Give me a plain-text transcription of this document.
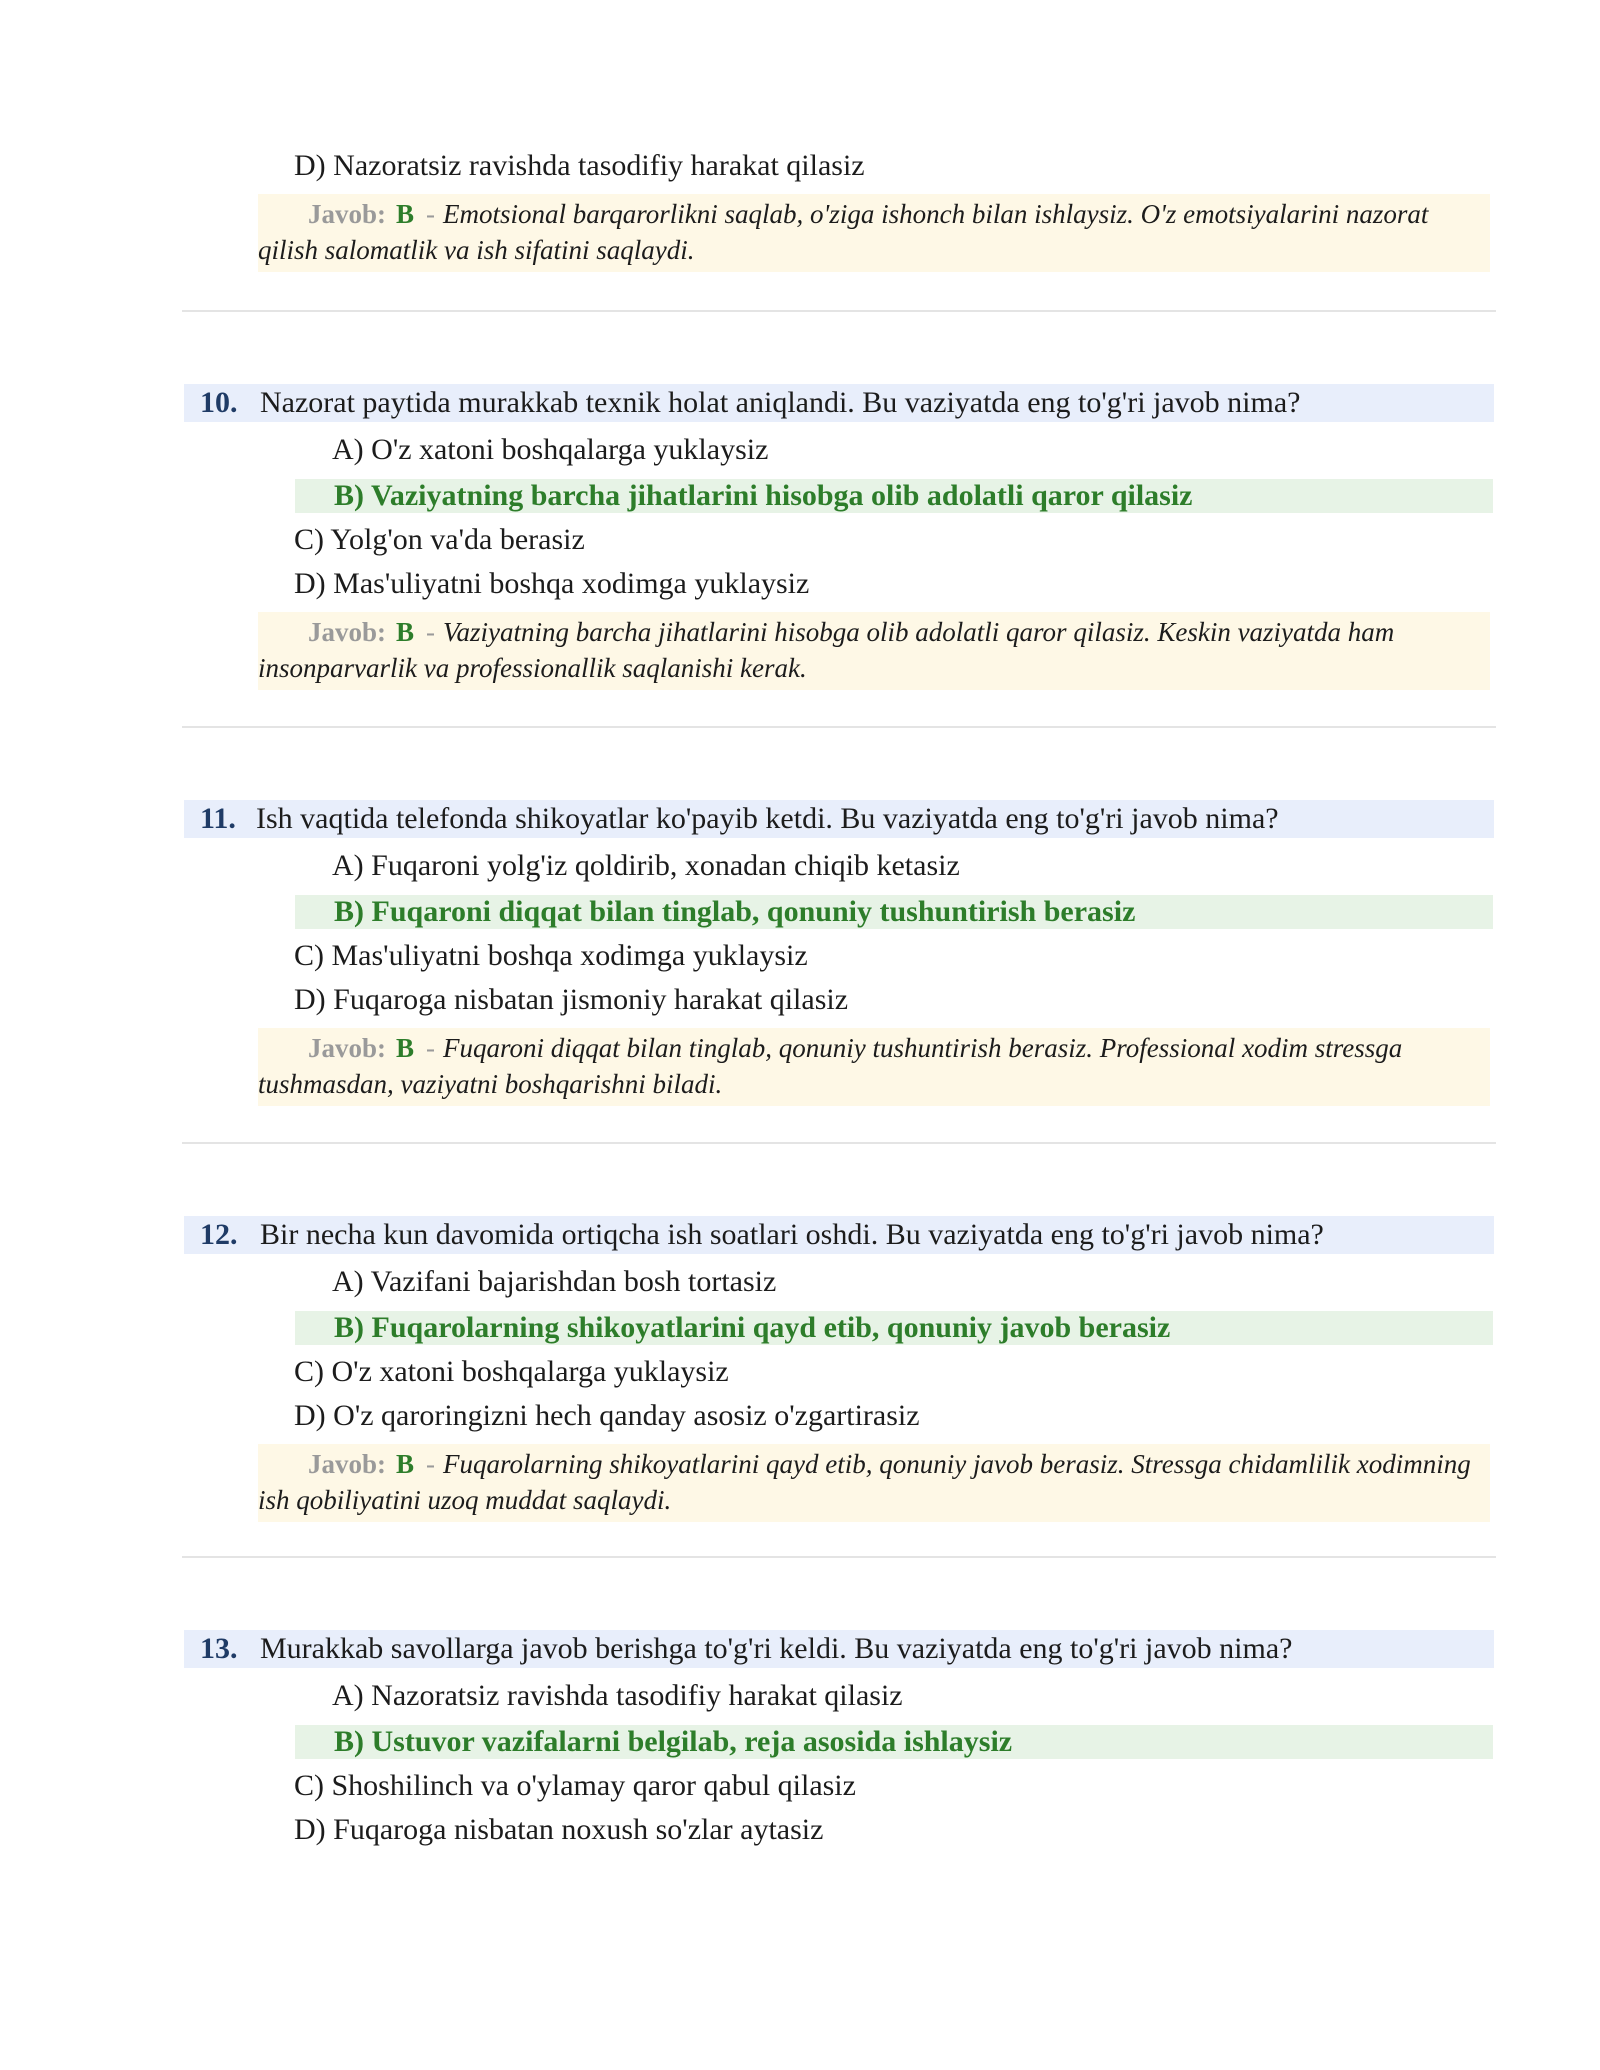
D) Nazoratsiz ravishda tasodifiy harakat qilasiz
Javob: B - Emotsional barqarorlikni saqlab, o'ziga ishonch bilan ishlaysiz. O'z emotsiyalarini nazorat qilish salomatlik va ish sifatini saqlaydi.
10. Nazorat paytida murakkab texnik holat aniqlandi. Bu vaziyatda eng to'g'ri javob nima?
A) O'z xatoni boshqalarga yuklaysiz
B) Vaziyatning barcha jihatlarini hisobga olib adolatli qaror qilasiz
C) Yolg'on va'da berasiz
D) Mas'uliyatni boshqa xodimga yuklaysiz
Javob: B - Vaziyatning barcha jihatlarini hisobga olib adolatli qaror qilasiz. Keskin vaziyatda ham insonparvarlik va professionallik saqlanishi kerak.
11. Ish vaqtida telefonda shikoyatlar ko'payib ketdi. Bu vaziyatda eng to'g'ri javob nima?
A) Fuqaroni yolg'iz qoldirib, xonadan chiqib ketasiz
B) Fuqaroni diqqat bilan tinglab, qonuniy tushuntirish berasiz
C) Mas'uliyatni boshqa xodimga yuklaysiz
D) Fuqaroga nisbatan jismoniy harakat qilasiz
Javob: B - Fuqaroni diqqat bilan tinglab, qonuniy tushuntirish berasiz. Professional xodim stressga tushmasdan, vaziyatni boshqarishni biladi.
12. Bir necha kun davomida ortiqcha ish soatlari oshdi. Bu vaziyatda eng to'g'ri javob nima?
A) Vazifani bajarishdan bosh tortasiz
B) Fuqarolarning shikoyatlarini qayd etib, qonuniy javob berasiz
C) O'z xatoni boshqalarga yuklaysiz
D) O'z qaroringizni hech qanday asosiz o'zgartirasiz
Javob: B - Fuqarolarning shikoyatlarini qayd etib, qonuniy javob berasiz. Stressga chidamlilik xodimning ish qobiliyatini uzoq muddat saqlaydi.
13. Murakkab savollarga javob berishga to'g'ri keldi. Bu vaziyatda eng to'g'ri javob nima?
A) Nazoratsiz ravishda tasodifiy harakat qilasiz
B) Ustuvor vazifalarni belgilab, reja asosida ishlaysiz
C) Shoshilinch va o'ylamay qaror qabul qilasiz
D) Fuqaroga nisbatan noxush so'zlar aytasiz
